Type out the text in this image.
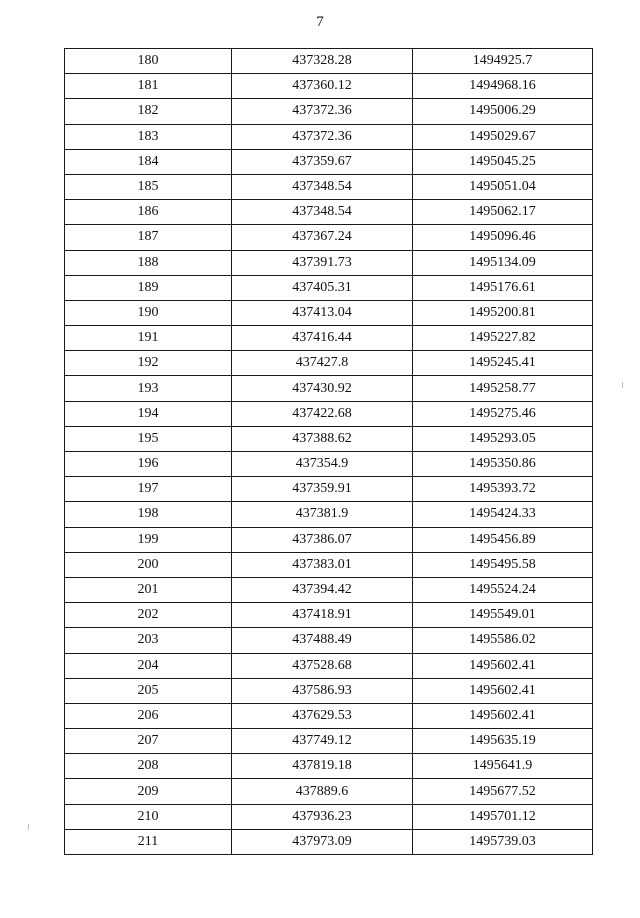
7
180	437328.28	1494925.7
181	437360.12	1494968.16
182	437372.36	1495006.29
183	437372.36	1495029.67
184	437359.67	1495045.25
185	437348.54	1495051.04
186	437348.54	1495062.17
187	437367.24	1495096.46
188	437391.73	1495134.09
189	437405.31	1495176.61
190	437413.04	1495200.81
191	437416.44	1495227.82
192	437427.8	1495245.41
193	437430.92	1495258.77
194	437422.68	1495275.46
195	437388.62	1495293.05
196	437354.9	1495350.86
197	437359.91	1495393.72
198	437381.9	1495424.33
199	437386.07	1495456.89
200	437383.01	1495495.58
201	437394.42	1495524.24
202	437418.91	1495549.01
203	437488.49	1495586.02
204	437528.68	1495602.41
205	437586.93	1495602.41
206	437629.53	1495602.41
207	437749.12	1495635.19
208	437819.18	1495641.9
209	437889.6	1495677.52
210	437936.23	1495701.12
211	437973.09	1495739.03
